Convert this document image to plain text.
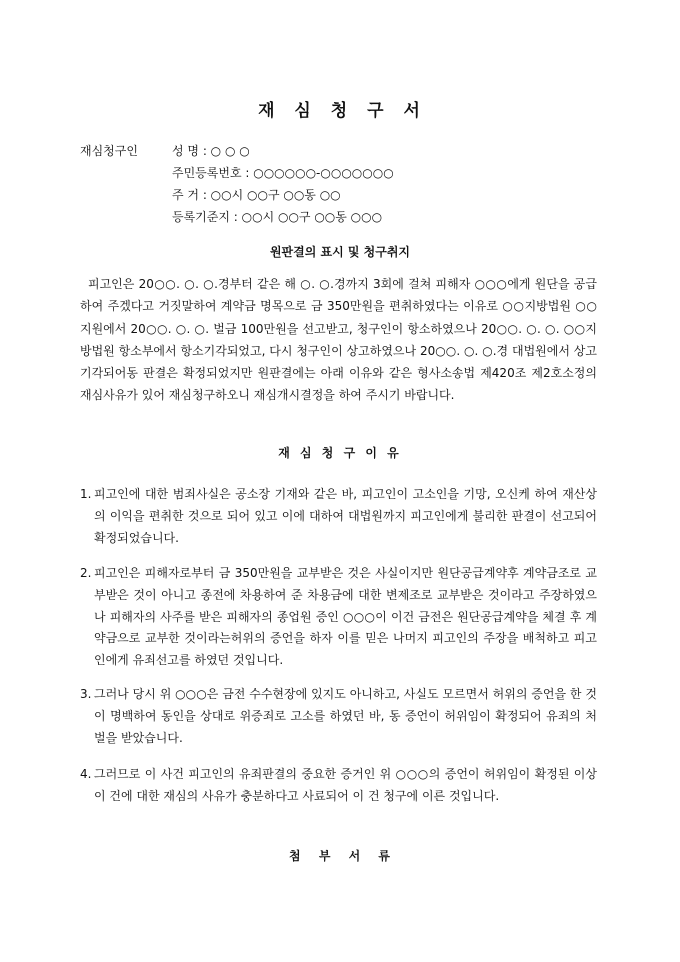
재 심 청 구 서
재심청구인	성 명 : ○ ○ ○
주민등록번호 : ○○○○○○-○○○○○○○
주 거 : ○○시 ○○구 ○○동 ○○
등록기준지 : ○○시 ○○구 ○○동 ○○○
원판결의 표시 및 청구취지
피고인은 20○○. ○. ○.경부터 같은 해 ○. ○.경까지 3회에 걸쳐 피해자 ○○○에게 원단을 공급하여 주겠다고 거짓말하여 계약금 명목으로 금 350만원을 편취하였다는 이유로 ○○지방법원 ○○지원에서 20○○. ○. ○. 벌금 100만원을 선고받고, 청구인이 항소하였으나 20○○. ○. ○. ○○지방법원 항소부에서 항소기각되었고, 다시 청구인이 상고하였으나 20○○. ○. ○.경 대법원에서 상고기각되어동 판결은 확정되었지만 원판결에는 아래 이유와 같은 형사소송법 제420조 제2호소정의 재심사유가 있어 재심청구하오니 재심개시결정을 하여 주시기 바랍니다.
재 심 청 구 이 유
1. 피고인에 대한 범죄사실은 공소장 기재와 같은 바, 피고인이 고소인을 기망, 오신케 하여 재산상의 이익을 편취한 것으로 되어 있고 이에 대하여 대법원까지 피고인에게 불리한 판결이 선고되어 확정되었습니다.
2. 피고인은 피해자로부터 금 350만원을 교부받은 것은 사실이지만 원단공급계약후 계약금조로 교부받은 것이 아니고 종전에 차용하여 준 차용금에 대한 변제조로 교부받은 것이라고 주장하였으나 피해자의 사주를 받은 피해자의 종업원 증인 ○○○이 이건 금전은 원단공급계약을 체결 후 계약금으로 교부한 것이라는허위의 증언을 하자 이를 믿은 나머지 피고인의 주장을 배척하고 피고인에게 유죄선고를 하였던 것입니다.
3. 그러나 당시 위 ○○○은 금전 수수현장에 있지도 아니하고, 사실도 모르면서 허위의 증언을 한 것이 명백하여 동인을 상대로 위증죄로 고소를 하였던 바, 동 증언이 허위임이 확정되어 유죄의 처벌을 받았습니다.
4. 그러므로 이 사건 피고인의 유죄판결의 중요한 증거인 위 ○○○의 증언이 허위임이 확정된 이상 이 건에 대한 재심의 사유가 충분하다고 사료되어 이 건 청구에 이른 것입니다.
첨 부 서 류
